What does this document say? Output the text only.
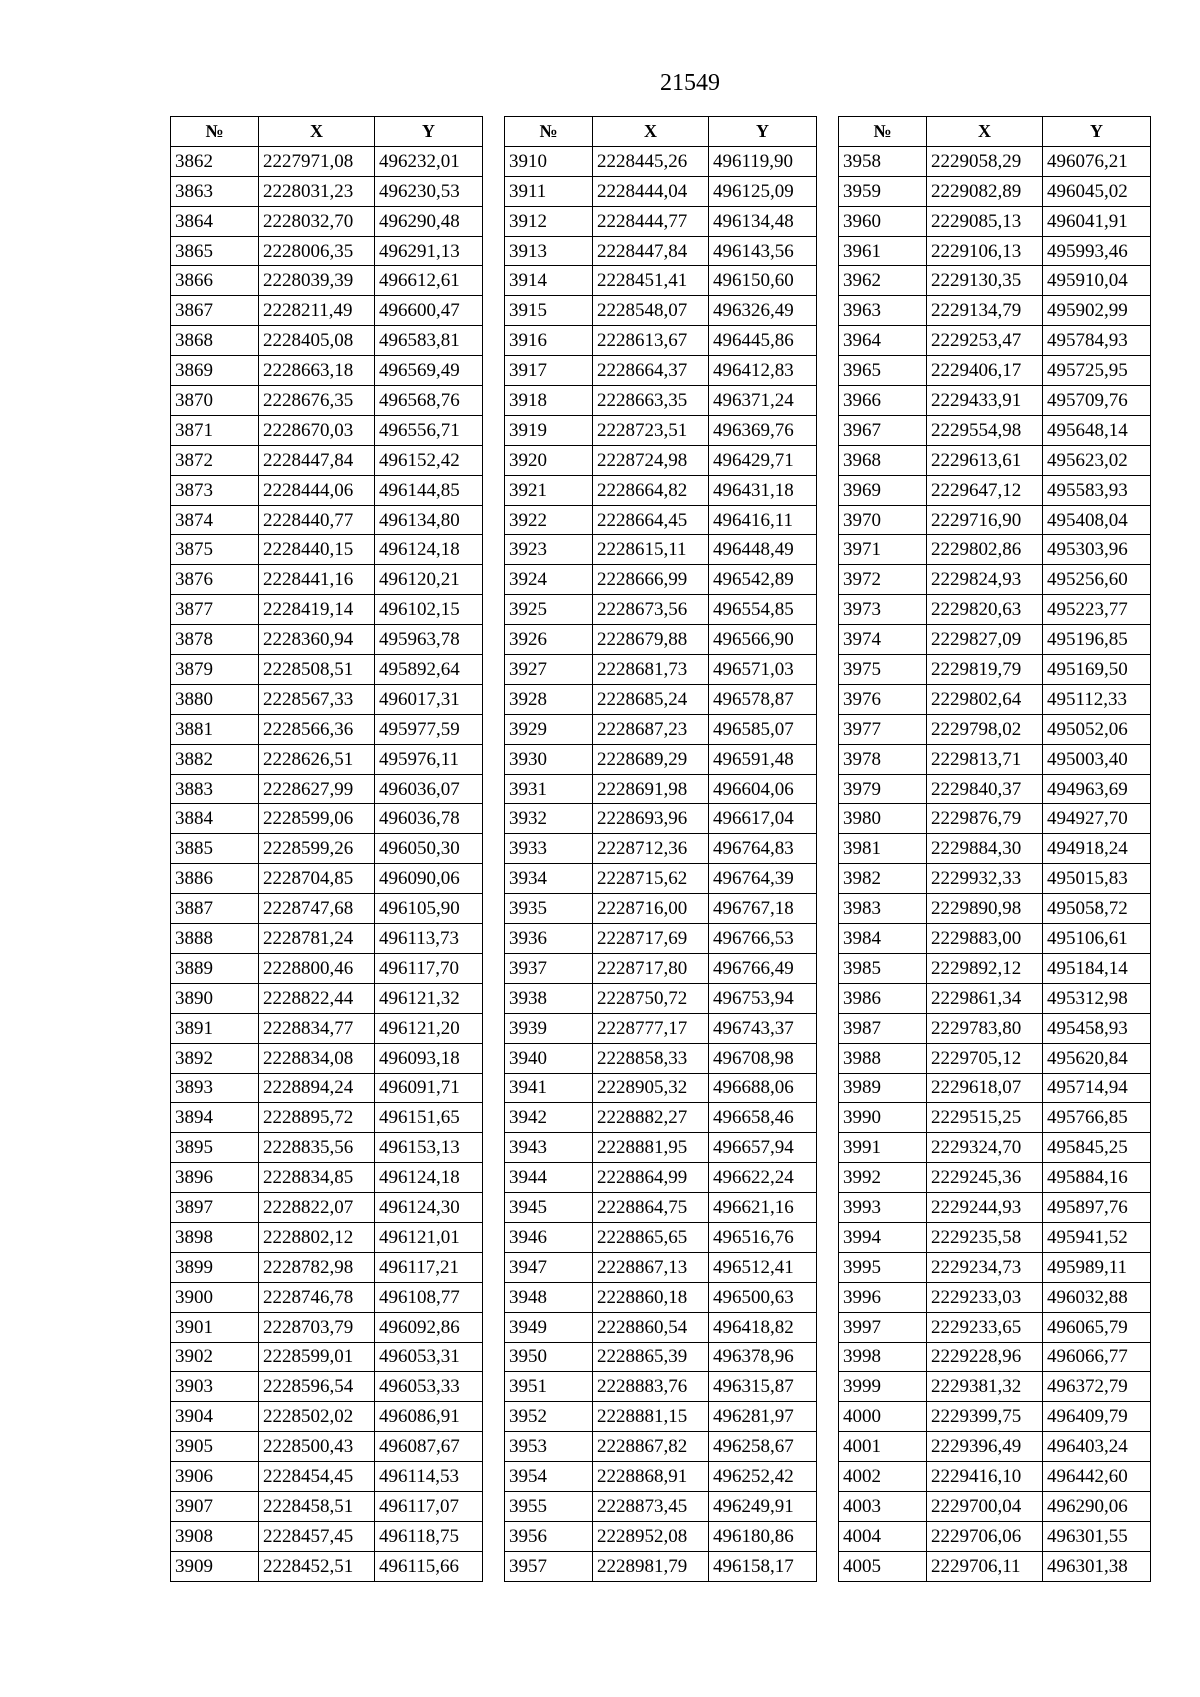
21549
№	X	Y
3862	2227971,08	496232,01
3863	2228031,23	496230,53
3864	2228032,70	496290,48
3865	2228006,35	496291,13
3866	2228039,39	496612,61
3867	2228211,49	496600,47
3868	2228405,08	496583,81
3869	2228663,18	496569,49
3870	2228676,35	496568,76
3871	2228670,03	496556,71
3872	2228447,84	496152,42
3873	2228444,06	496144,85
3874	2228440,77	496134,80
3875	2228440,15	496124,18
3876	2228441,16	496120,21
3877	2228419,14	496102,15
3878	2228360,94	495963,78
3879	2228508,51	495892,64
3880	2228567,33	496017,31
3881	2228566,36	495977,59
3882	2228626,51	495976,11
3883	2228627,99	496036,07
3884	2228599,06	496036,78
3885	2228599,26	496050,30
3886	2228704,85	496090,06
3887	2228747,68	496105,90
3888	2228781,24	496113,73
3889	2228800,46	496117,70
3890	2228822,44	496121,32
3891	2228834,77	496121,20
3892	2228834,08	496093,18
3893	2228894,24	496091,71
3894	2228895,72	496151,65
3895	2228835,56	496153,13
3896	2228834,85	496124,18
3897	2228822,07	496124,30
3898	2228802,12	496121,01
3899	2228782,98	496117,21
3900	2228746,78	496108,77
3901	2228703,79	496092,86
3902	2228599,01	496053,31
3903	2228596,54	496053,33
3904	2228502,02	496086,91
3905	2228500,43	496087,67
3906	2228454,45	496114,53
3907	2228458,51	496117,07
3908	2228457,45	496118,75
3909	2228452,51	496115,66
№	X	Y
3910	2228445,26	496119,90
3911	2228444,04	496125,09
3912	2228444,77	496134,48
3913	2228447,84	496143,56
3914	2228451,41	496150,60
3915	2228548,07	496326,49
3916	2228613,67	496445,86
3917	2228664,37	496412,83
3918	2228663,35	496371,24
3919	2228723,51	496369,76
3920	2228724,98	496429,71
3921	2228664,82	496431,18
3922	2228664,45	496416,11
3923	2228615,11	496448,49
3924	2228666,99	496542,89
3925	2228673,56	496554,85
3926	2228679,88	496566,90
3927	2228681,73	496571,03
3928	2228685,24	496578,87
3929	2228687,23	496585,07
3930	2228689,29	496591,48
3931	2228691,98	496604,06
3932	2228693,96	496617,04
3933	2228712,36	496764,83
3934	2228715,62	496764,39
3935	2228716,00	496767,18
3936	2228717,69	496766,53
3937	2228717,80	496766,49
3938	2228750,72	496753,94
3939	2228777,17	496743,37
3940	2228858,33	496708,98
3941	2228905,32	496688,06
3942	2228882,27	496658,46
3943	2228881,95	496657,94
3944	2228864,99	496622,24
3945	2228864,75	496621,16
3946	2228865,65	496516,76
3947	2228867,13	496512,41
3948	2228860,18	496500,63
3949	2228860,54	496418,82
3950	2228865,39	496378,96
3951	2228883,76	496315,87
3952	2228881,15	496281,97
3953	2228867,82	496258,67
3954	2228868,91	496252,42
3955	2228873,45	496249,91
3956	2228952,08	496180,86
3957	2228981,79	496158,17
№	X	Y
3958	2229058,29	496076,21
3959	2229082,89	496045,02
3960	2229085,13	496041,91
3961	2229106,13	495993,46
3962	2229130,35	495910,04
3963	2229134,79	495902,99
3964	2229253,47	495784,93
3965	2229406,17	495725,95
3966	2229433,91	495709,76
3967	2229554,98	495648,14
3968	2229613,61	495623,02
3969	2229647,12	495583,93
3970	2229716,90	495408,04
3971	2229802,86	495303,96
3972	2229824,93	495256,60
3973	2229820,63	495223,77
3974	2229827,09	495196,85
3975	2229819,79	495169,50
3976	2229802,64	495112,33
3977	2229798,02	495052,06
3978	2229813,71	495003,40
3979	2229840,37	494963,69
3980	2229876,79	494927,70
3981	2229884,30	494918,24
3982	2229932,33	495015,83
3983	2229890,98	495058,72
3984	2229883,00	495106,61
3985	2229892,12	495184,14
3986	2229861,34	495312,98
3987	2229783,80	495458,93
3988	2229705,12	495620,84
3989	2229618,07	495714,94
3990	2229515,25	495766,85
3991	2229324,70	495845,25
3992	2229245,36	495884,16
3993	2229244,93	495897,76
3994	2229235,58	495941,52
3995	2229234,73	495989,11
3996	2229233,03	496032,88
3997	2229233,65	496065,79
3998	2229228,96	496066,77
3999	2229381,32	496372,79
4000	2229399,75	496409,79
4001	2229396,49	496403,24
4002	2229416,10	496442,60
4003	2229700,04	496290,06
4004	2229706,06	496301,55
4005	2229706,11	496301,38
